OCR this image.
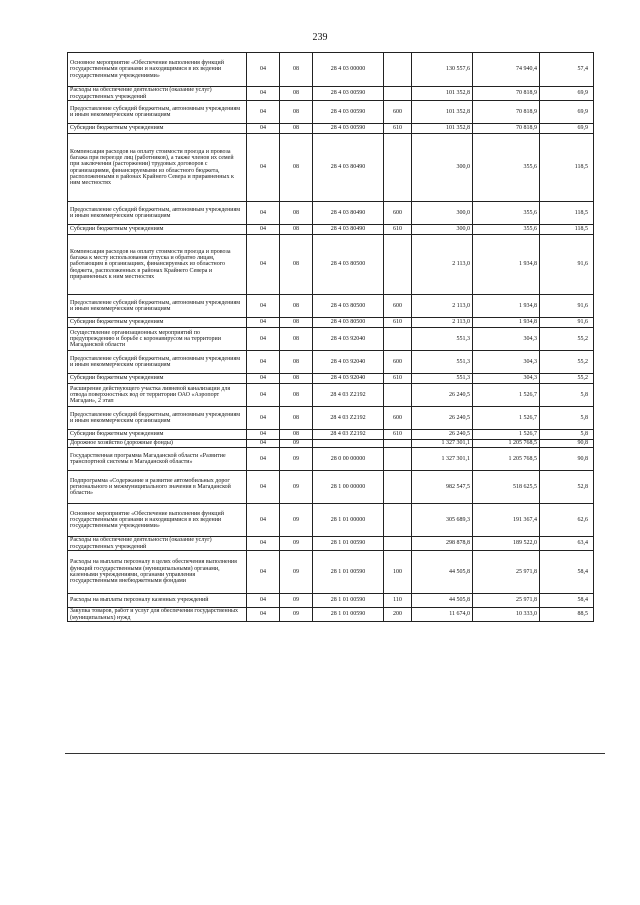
239
Основное мероприятие «Обеспечение выполнения функций государственными органами и находящимися в их ведении государственными учреждениями»	04	08	28 4 03 00000		130 557,6	74 940,4	57,4
Расходы на обеспечение деятельности (оказание услуг) государственных учреждений	04	08	28 4 03 00590		101 352,8	70 818,9	69,9
Предоставление субсидий бюджетным, автономным учреждениям и иным некоммерческим организациям	04	08	28 4 03 00590	600	101 352,8	70 818,9	69,9
Субсидии бюджетным учреждениям	04	08	28 4 03 00590	610	101 352,8	70 818,9	69,9
Компенсация расходов на оплату стоимости проезда и провоза багажа при переезде лиц (работников), а также членов их семей при заключении (расторжении) трудовых договоров с организациями, финансируемыми из областного бюджета, расположенными в районах Крайнего Севера и приравненных к ним местностях	04	08	28 4 03 80490		300,0	355,6	118,5
Предоставление субсидий бюджетным, автономным учреждениям и иным некоммерческим организациям	04	08	28 4 03 80490	600	300,0	355,6	118,5
Субсидии бюджетным учреждениям	04	08	28 4 03 80490	610	300,0	355,6	118,5
Компенсация расходов на оплату стоимости проезда и провоза багажа к месту использования отпуска и обратно лицам, работающим в организациях, финансируемых из областного бюджета, расположенных в районах Крайнего Севера и приравненных к ним местностях	04	08	28 4 03 80500		2 113,0	1 934,8	91,6
Предоставление субсидий бюджетным, автономным учреждениям и иным некоммерческим организациям	04	08	28 4 03 80500	600	2 113,0	1 934,8	91,6
Субсидии бюджетным учреждениям	04	08	28 4 03 80500	610	2 113,0	1 934,8	91,6
Осуществление организационных мероприятий по предупреждению и борьбе с коронавирусом на территории Магаданской области	04	08	28 4 03 92040		551,3	304,3	55,2
Предоставление субсидий бюджетным, автономным учреждениям и иным некоммерческим организациям	04	08	28 4 03 92040	600	551,3	304,3	55,2
Субсидии бюджетным учреждениям	04	08	28 4 03 92040	610	551,3	304,3	55,2
Расширение действующего участка ливневой канализации для отвода поверхностных вод от территории ОАО «Аэропорт Магадан», 2 этап	04	08	28 4 03 Z2192		26 240,5	1 526,7	5,8
Предоставление субсидий бюджетным, автономным учреждениям и иным некоммерческим организациям	04	08	28 4 03 Z2192	600	26 240,5	1 526,7	5,8
Субсидии бюджетным учреждениям	04	08	28 4 03 Z2192	610	26 240,5	1 526,7	5,8
Дорожное хозяйство (дорожные фонды)	04	09			1 327 301,1	1 205 768,5	90,8
Государственная программа Магаданской области «Развитие транспортной системы в Магаданской области»	04	09	28 0 00 00000		1 327 301,1	1 205 768,5	90,8
Подпрограмма «Содержание и развитие автомобильных дорог регионального и межмуниципального значения в Магаданской области»	04	09	28 1 00 00000		982 547,5	518 625,5	52,8
Основное мероприятие «Обеспечение выполнения функций государственными органами и находящимися в их ведении государственными учреждениями»	04	09	28 1 01 00000		305 689,3	191 367,4	62,6
Расходы на обеспечение деятельности (оказание услуг) государственных учреждений	04	09	28 1 01 00590		298 878,8	189 522,0	63,4
Расходы на выплаты персоналу в целях обеспечения выполнения функций государственными (муниципальными) органами, казенными учреждениями, органами управления государственными внебюджетными фондами	04	09	28 1 01 00590	100	44 505,8	25 971,8	58,4
Расходы на выплаты персоналу казенных учреждений	04	09	28 1 01 00590	110	44 505,8	25 971,8	58,4
Закупка товаров, работ и услуг для обеспечения государственных (муниципальных) нужд	04	09	28 1 01 00590	200	11 674,0	10 333,0	88,5
